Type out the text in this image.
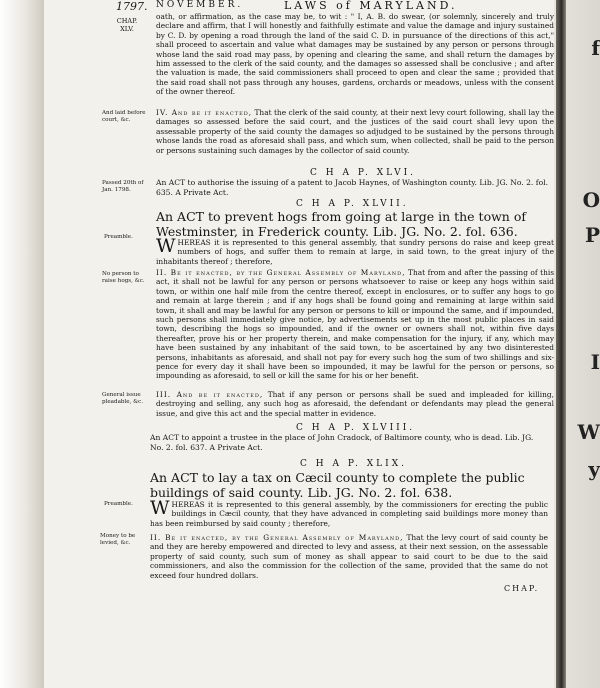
f
O
P
I
W
y
1797. NOVEMBER.	LAWS of MARYLAND.
CHAP.
XLV.
oath, or affirmation, as the case may be, to wit : " I, A. B. do swear, (or solemnly, sincerely and truly declare and affirm, that I will honestly and faithfully estimate and value the damage and injury sustained by C. D. by opening a road through the land of the said C. D. in pursuance of the directions of this act," shall proceed to ascertain and value what damages may be sustained by any person or persons through whose land the said road may pass, by opening and clearing the same, and shall return the damages by him assessed to the clerk of the said county, and the damages so assessed shall be conclusive ; and after the valuation is made, the said commissioners shall proceed to open and clear the same ; provided that the said road shall not pass through any houses, gardens, orchards or meadows, unless with the consent of the owner thereof.
And laid before court, &c.
IV. And be it enacted, That the clerk of the said county, at their next levy court following, shall lay the damages so assessed before the said court, and the justices of the said court shall levy upon the assessable property of the said county the damages so adjudged to be sustained by the persons through whose lands the road as aforesaid shall pass, and which sum, when collected, shall be paid to the person or persons sustaining such damages by the collector of said county.
C H A P. XLVI.
Passed 20th of Jan. 1798.
An ACT to authorise the issuing of a patent to Jacob Haynes, of Washington county. Lib. JG. No. 2. fol. 635. A Private Act.
C H A P. XLVII.
An ACT to prevent hogs from going at large in the town of Westminster, in Frederick county. Lib. JG. No. 2. fol. 636.
Preamble.	WHEREAS it is represented to this general assembly, that sundry persons do raise and keep great numbers of hogs, and suffer them to remain at large, in said town, to the great injury of the inhabitants thereof ; therefore,
No person to raise hogs, &c.
II. Be it enacted, by the General Assembly of Maryland, That from and after the passing of this act, it shall not be lawful for any person or persons whatsoever to raise or keep any hogs within said town, or within one half mile from the centre thereof, except in enclosures, or to suffer any hogs to go and remain at large therein ; and if any hogs shall be found going and remaining at large within said town, it shall and may be lawful for any person or persons to kill or impound the same, and if impounded, such persons shall immediately give notice, by advertisements set up in the most public places in said town, describing the hogs so impounded, and if the owner or owners shall not, within five days thereafter, prove his or her property therein, and make compensation for the injury, if any, which may have been sustained by any inhabitant of the said town, to be ascertained by any two disinterested persons, inhabitants as aforesaid, and shall not pay for every such hog the sum of two shillings and six-pence for every day it shall have been so impounded, it may be lawful for the person or persons, so impounding as aforesaid, to sell or kill the same for his or her benefit.
General issue pleadable, &c.
III. And be it enacted, That if any person or persons shall be sued and impleaded for killing, destroying and selling, any such hog as aforesaid, the defendant or defendants may plead the general issue, and give this act and the special matter in evidence.
C H A P. XLVIII.
An ACT to appoint a trustee in the place of John Cradock, of Baltimore county, who is dead. Lib. JG. No. 2. fol. 637. A Private Act.
C H A P. XLIX.
An ACT to lay a tax on Cæcil county to complete the public buildings of said county. Lib. JG. No. 2. fol. 638.
Preamble. WHEREAS it is represented to this general assembly, by the commissioners for erecting the public buildings in Cæcil county, that they have advanced in completing said buildings more money than has been reimbursed by said county ; therefore,
Money to be levied, &c.
II. Be it enacted, by the General Assembly of Maryland, That the levy court of said county be and they are hereby empowered and directed to levy and assess, at their next session, on the assessable property of said county, such sum of money as shall appear to said court to be due to the said commissioners, and also the commission for the collection of the same, provided that the same do not exceed four hundred dollars.
CHAP.
